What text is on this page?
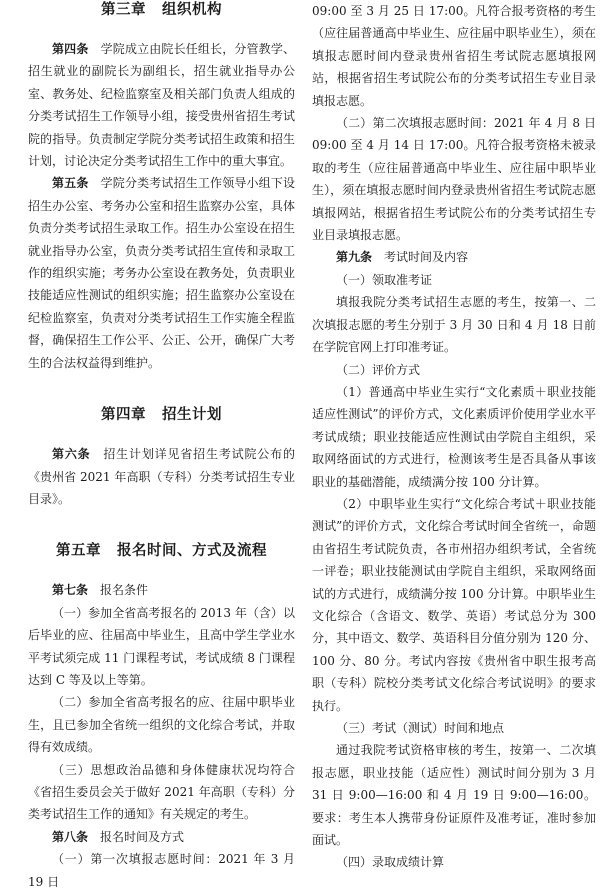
第三章 组织机构

第四条  学院成立由院长任组长，分管教学、招生就业的副院长为副组长，招生就业指导办公室、教务处、纪检监察室及相关部门负责人组成的分类考试招生工作领导小组，接受贵州省招生考试院的指导。负责制定学院分类考试招生政策和招生计划，讨论决定分类考试招生工作中的重大事宜。

第五条  学院分类考试招生工作领导小组下设招生办公室、考务办公室和招生监察办公室，具体负责分类考试招生录取工作。招生办公室设在招生就业指导办公室，负责分类考试招生宣传和录取工作的组织实施；考务办公室设在教务处，负责职业技能适应性测试的组织实施；招生监察办公室设在纪检监察室，负责对分类考试招生工作实施全程监督，确保招生工作公平、公正、公开，确保广大考生的合法权益得到维护。

第四章 招生计划

第六条  招生计划详见省招生考试院公布的《贵州省 2021 年高职（专科）分类考试招生专业目录》。

第五章 报名时间、方式及流程

第七条  报名条件

（一）参加全省高考报名的 2013 年（含）以后毕业的应、往届高中毕业生，且高中学生学业水平考试须完成 11 门课程考试，考试成绩 8 门课程达到 C 等及以上等第。

（二）参加全省高考报名的应、往届中职毕业生，且已参加全省统一组织的文化综合考试，并取得有效成绩。

（三）思想政治品德和身体健康状况均符合《省招生委员会关于做好 2021 年高职（专科）分类考试招生工作的通知》有关规定的考生。

第八条  报名时间及方式

（一）第一次填报志愿时间：2021 年 3 月 19 日

09:00 至 3 月 25 日 17:00。凡符合报考资格的考生（应往届普通高中毕业生、应往届中职毕业生），须在填报志愿时间内登录贵州省招生考试院志愿填报网站，根据省招生考试院公布的分类考试招生专业目录填报志愿。

（二）第二次填报志愿时间：2021 年 4 月 8 日 09:00 至 4 月 14 日 17:00。凡符合报考资格未被录取的考生（应往届普通高中毕业生、应往届中职毕业生），须在填报志愿时间内登录贵州省招生考试院志愿填报网站，根据省招生考试院公布的分类考试招生专业目录填报志愿。

第九条  考试时间及内容

（一）领取准考证

填报我院分类考试招生志愿的考生，按第一、二次填报志愿的考生分别于 3 月 30 日和 4 月 18 日前在学院官网上打印准考证。

（二）评价方式

（1）普通高中毕业生实行“文化素质＋职业技能适应性测试”的评价方式，文化素质评价使用学业水平考试成绩；职业技能适应性测试由学院自主组织，采取网络面试的方式进行，检测该考生是否具备从事该职业的基础潜能，成绩满分按 100 分计算。

（2）中职毕业生实行“文化综合考试＋职业技能测试”的评价方式，文化综合考试时间全省统一，命题由省招生考试院负责，各市州招办组织考试，全省统一评卷；职业技能测试由学院自主组织，采取网络面试的方式进行，成绩满分按 100 分计算。中职毕业生文化综合（含语文、数学、英语）考试总分为 300 分，其中语文、数学、英语科目分值分别为 120 分、100 分、80 分。考试内容按《贵州省中职生报考高职（专科）院校分类考试文化综合考试说明》的要求执行。

（三）考试（测试）时间和地点

通过我院考试资格审核的考生，按第一、二次填报志愿，职业技能（适应性）测试时间分别为 3 月 31 日 9:00—16:00 和 4 月 19 日 9:00—16:00。要求：考生本人携带身份证原件及准考证，准时参加面试。

（四）录取成绩计算
